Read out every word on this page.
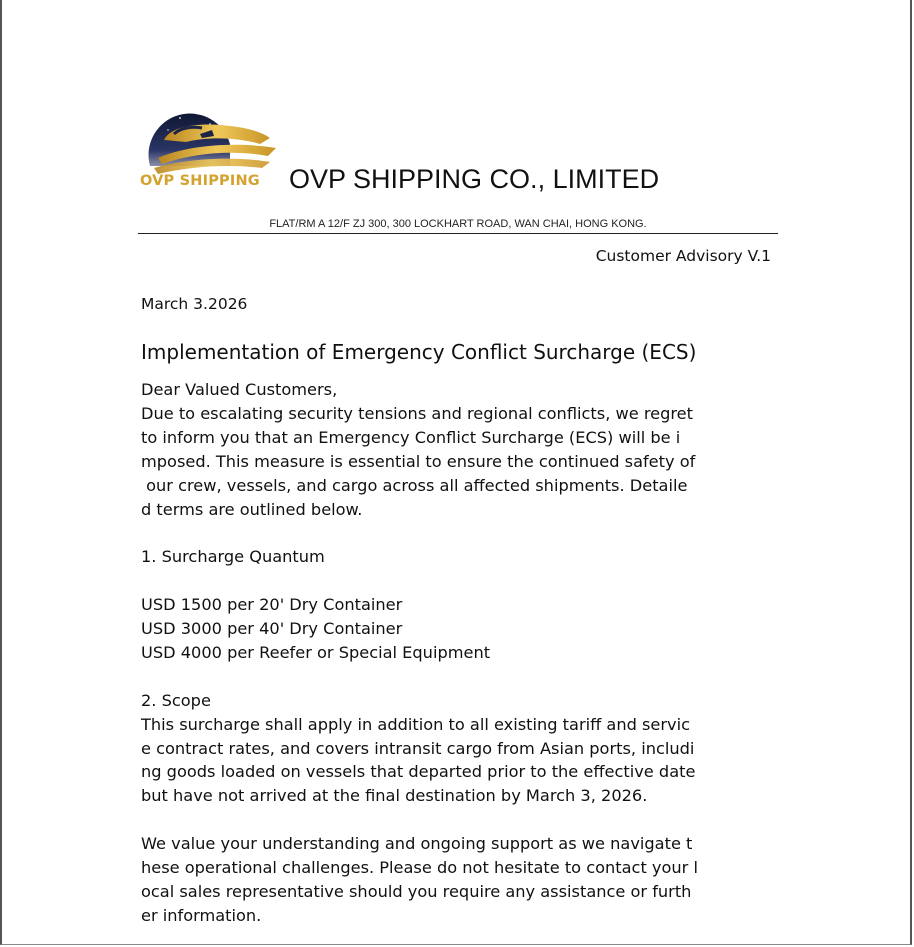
OVP SHIPPING	OVP SHIPPING CO., LIMITED
FLAT/RM A 12/F ZJ 300, 300 LOCKHART ROAD, WAN CHAI, HONG KONG.
Customer Advisory V.1
March 3.2026
Implementation of Emergency Conflict Surcharge (ECS)
Dear Valued Customers,
Due to escalating security tensions and regional conflicts, we regret
to inform you that an Emergency Conflict Surcharge (ECS) will be i
mposed. This measure is essential to ensure the continued safety of
our crew, vessels, and cargo across all affected shipments. Detaile
d terms are outlined below.
1. Surcharge Quantum
USD 1500 per 20' Dry Container
USD 3000 per 40' Dry Container
USD 4000 per Reefer or Special Equipment
2. Scope
This surcharge shall apply in addition to all existing tariff and servic
e contract rates, and covers intransit cargo from Asian ports, includi
ng goods loaded on vessels that departed prior to the effective date
but have not arrived at the final destination by March 3, 2026.
We value your understanding and ongoing support as we navigate t
hese operational challenges. Please do not hesitate to contact your l
ocal sales representative should you require any assistance or furth
er information.
